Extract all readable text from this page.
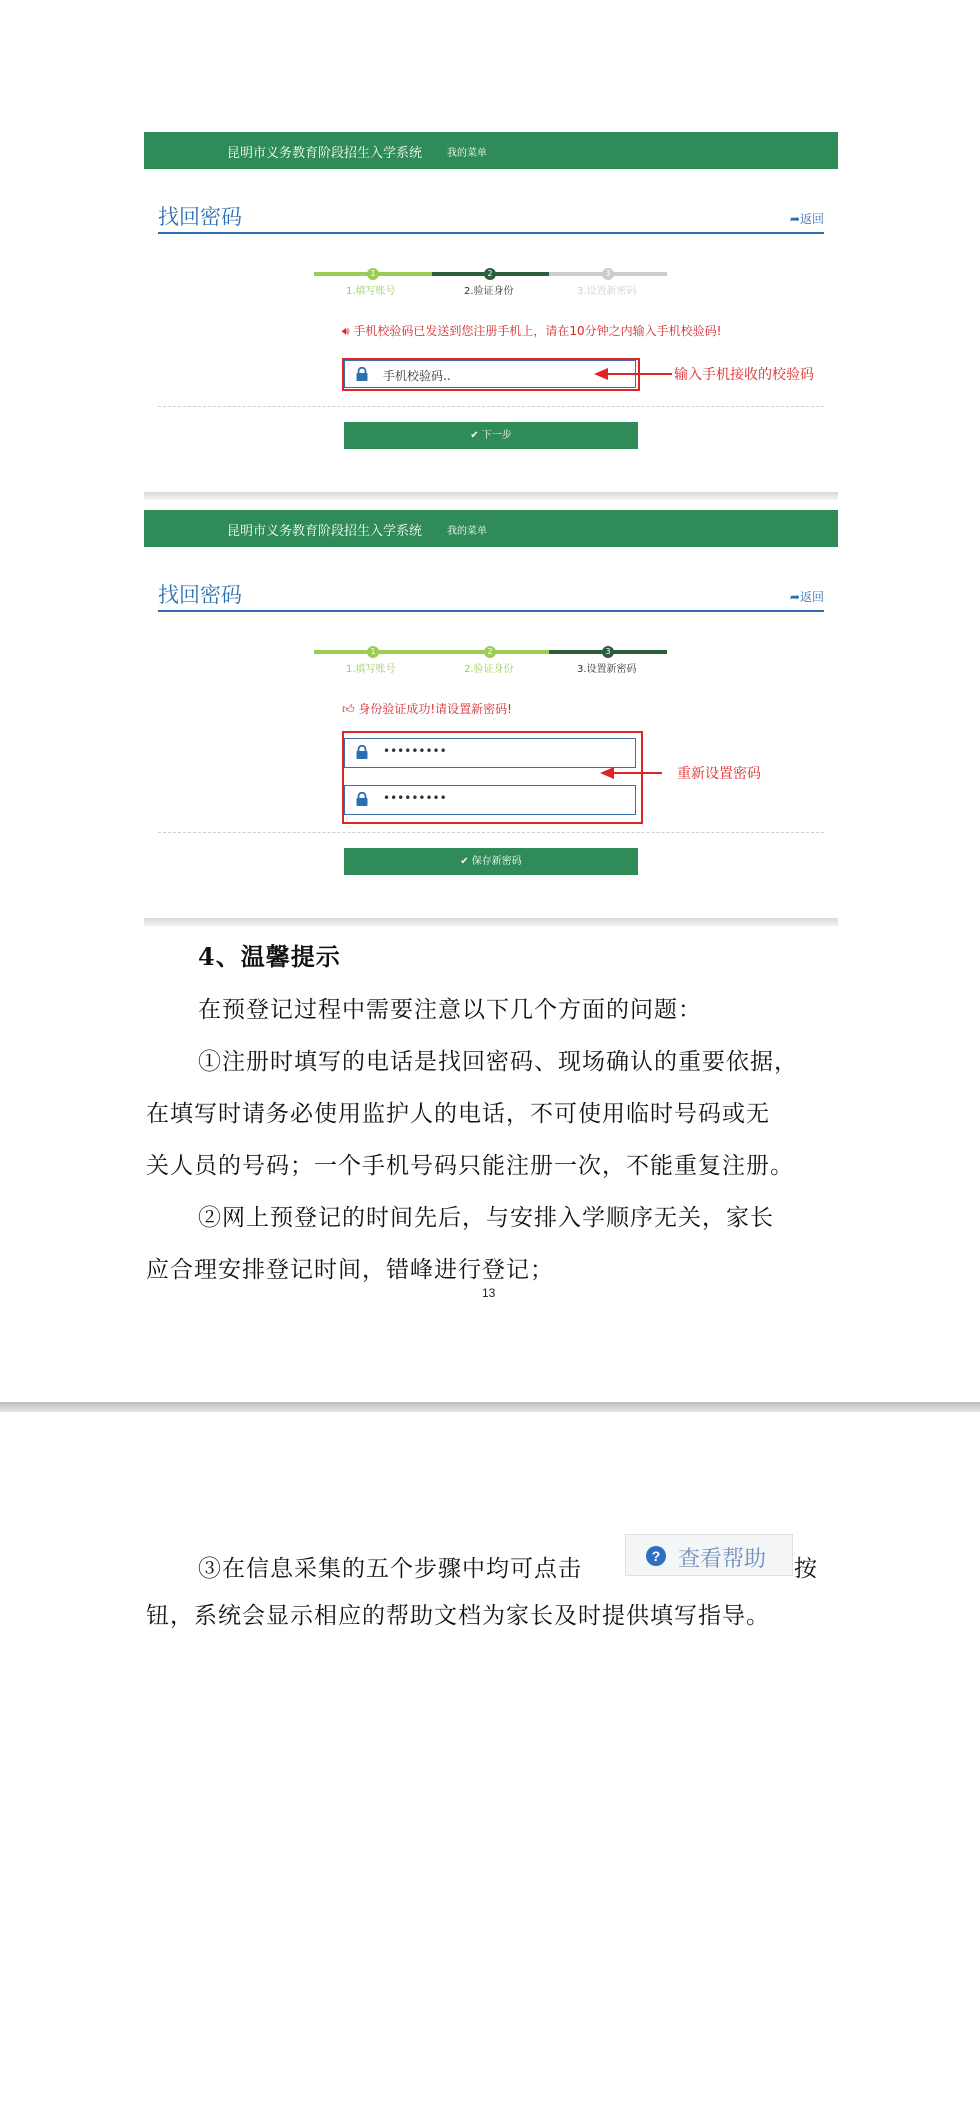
昆明市义务教育阶段招生入学系统 我的菜单
找回密码	➦返回
1	2	3
1.填写账号	2.验证身份	3.设置新密码
🔊︎ 手机校验码已发送到您注册手机上，请在10分钟之内输入手机校验码!
手机校验码..	输入手机接收的校验码
✔ 下一步
昆明市义务教育阶段招生入学系统 我的菜单
找回密码	➦返回
1	2	3
1.填写账号	2.验证身份	3.设置新密码
👍︎ 身份验证成功!请设置新密码!
•••••••••
•••••••••
重新设置密码
✔ 保存新密码
4、温馨提示
在预登记过程中需要注意以下几个方面的问题：
①注册时填写的电话是找回密码、现场确认的重要依据，
在填写时请务必使用监护人的电话，不可使用临时号码或无
关人员的号码；一个手机号码只能注册一次，不能重复注册。
②网上预登记的时间先后，与安排入学顺序无关，家长
应合理安排登记时间，错峰进行登记；
13
③在信息采集的五个步骤中均可点击	? 查看帮助 按
钮，系统会显示相应的帮助文档为家长及时提供填写指导。
